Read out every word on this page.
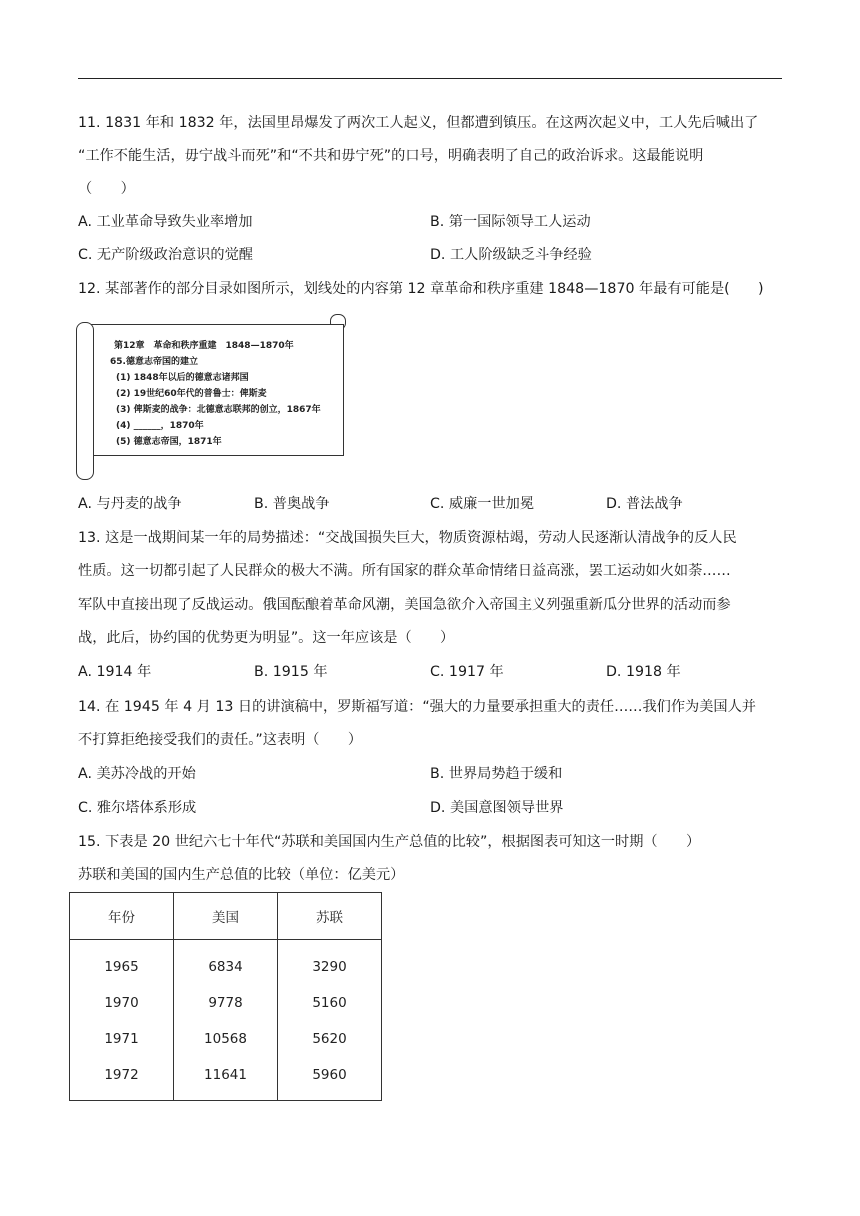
11. 1831 年和 1832 年，法国里昂爆发了两次工人起义，但都遭到镇压。在这两次起义中，工人先后喊出了
“工作不能生活，毋宁战斗而死”和“不共和毋宁死”的口号，明确表明了自己的政治诉求。这最能说明
（　　）
A. 工业革命导致失业率增加	B. 第一国际领导工人运动
C. 无产阶级政治意识的觉醒	D. 工人阶级缺乏斗争经验
12. 某部著作的部分目录如图所示，划线处的内容第 12 章革命和秩序重建 1848—1870 年最有可能是(　　)
第12章　革命和秩序重建　1848—1870年
65.德意志帝国的建立
(1) 1848年以后的德意志诸邦国
(2) 19世纪60年代的普鲁士：俾斯麦
(3) 俾斯麦的战争：北德意志联邦的创立，1867年
(4) ______，1870年
(5) 德意志帝国，1871年
A. 与丹麦的战争	B. 普奥战争	C. 威廉一世加冕	D. 普法战争
13. 这是一战期间某一年的局势描述：“交战国损失巨大，物质资源枯竭，劳动人民逐渐认清战争的反人民
性质。这一切都引起了人民群众的极大不满。所有国家的群众革命情绪日益高涨，罢工运动如火如荼……
军队中直接出现了反战运动。俄国酝酿着革命风潮，美国急欲介入帝国主义列强重新瓜分世界的活动而参
战，此后，协约国的优势更为明显”。这一年应该是（　　）
A. 1914 年	B. 1915 年	C. 1917 年	D. 1918 年
14. 在 1945 年 4 月 13 日的讲演稿中，罗斯福写道：“强大的力量要承担重大的责任……我们作为美国人并
不打算拒绝接受我们的责任。”这表明（　　）
A. 美苏冷战的开始	B. 世界局势趋于缓和
C. 雅尔塔体系形成	D. 美国意图领导世界
15. 下表是 20 世纪六七十年代“苏联和美国国内生产总值的比较”，根据图表可知这一时期（　　）
苏联和美国的国内生产总值的比较（单位：亿美元）
年份	美国	苏联
1965	6834	3290
1970	9778	5160
1971	10568	5620
1972	11641	5960
